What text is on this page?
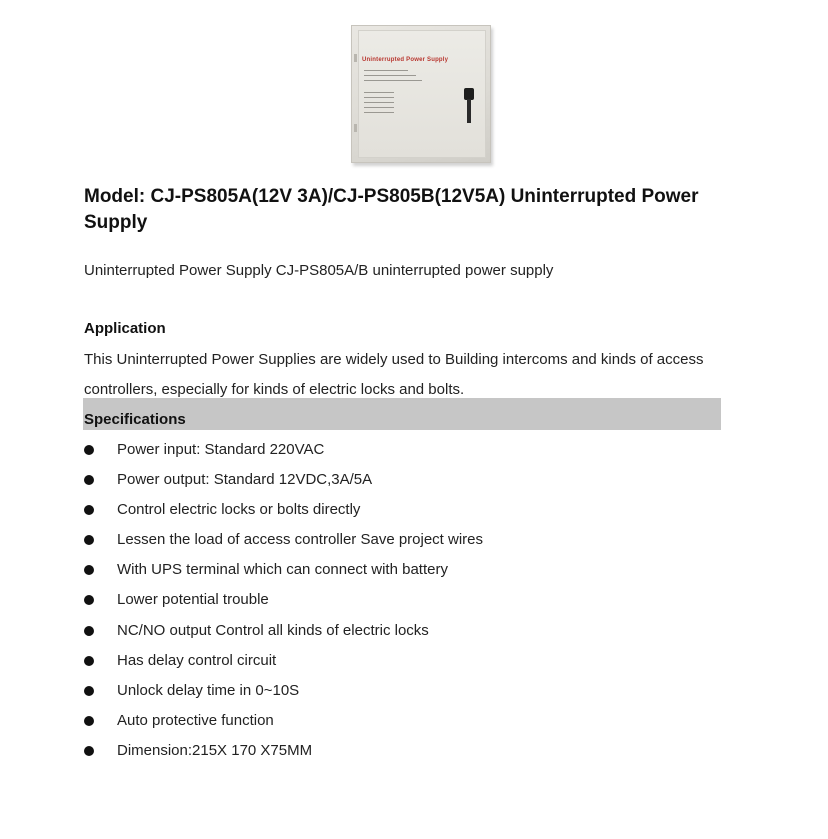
Uninterrupted Power Supply
Model: CJ-PS805A(12V 3A)/CJ-PS805B(12V5A) Uninterrupted Power Supply

Uninterrupted Power Supply CJ-PS805A/B uninterrupted power supply

Application

This Uninterrupted Power Supplies are widely used to Building intercoms and kinds of access controllers, especially for kinds of electric locks and bolts.

Specifications
Power input: Standard 220VAC
Power output: Standard 12VDC,3A/5A
Control electric locks or bolts directly
Lessen the load of access controller Save project wires
With UPS terminal which can connect with battery
Lower potential trouble
NC/NO output Control all kinds of electric locks
Has delay control circuit
Unlock delay time in 0~10S
Auto protective function
Dimension:215X 170 X75MM
